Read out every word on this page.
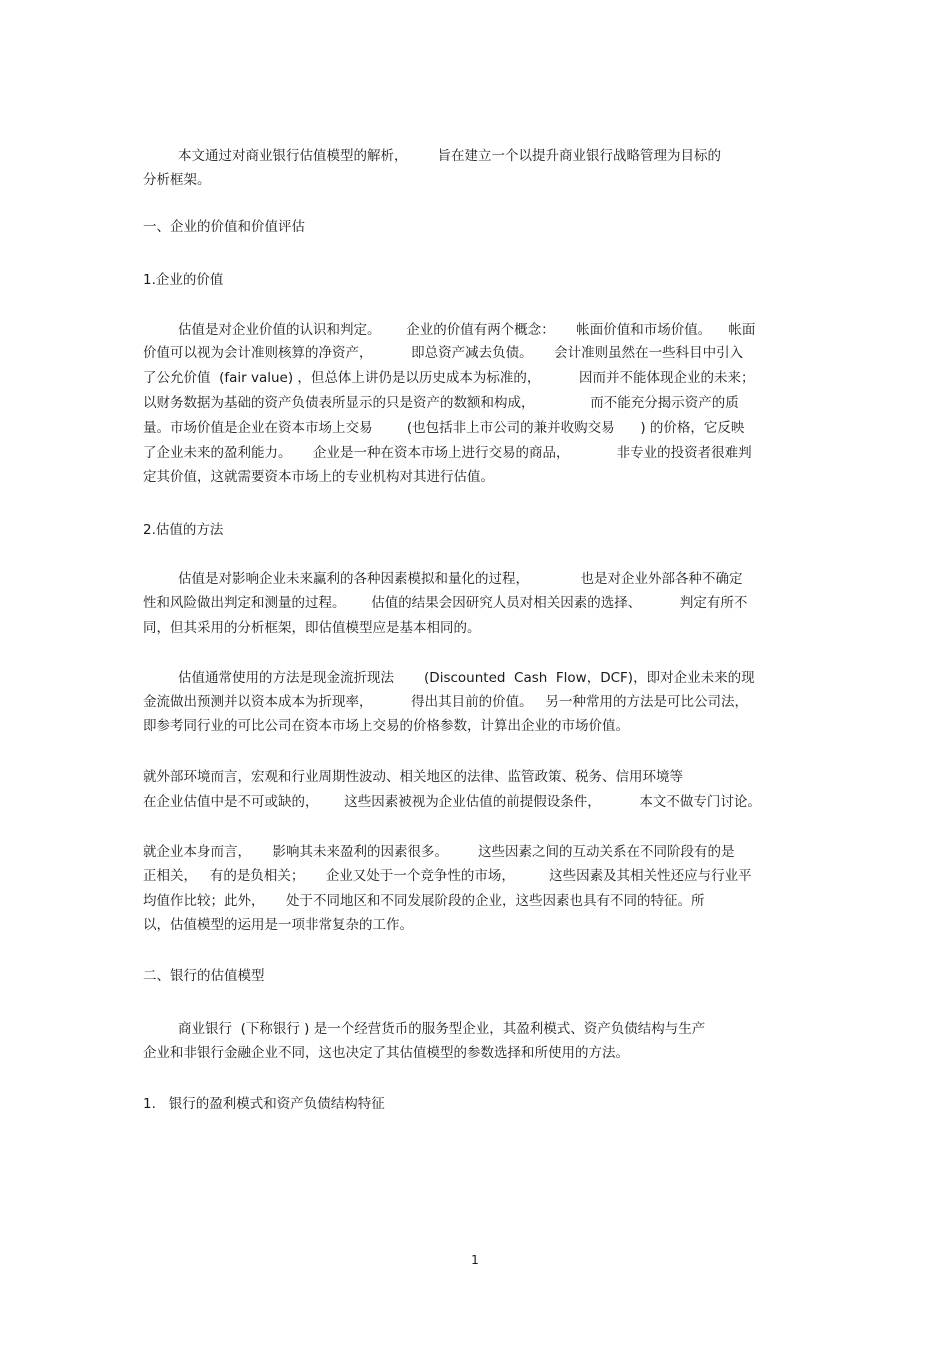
本文通过对商业银行估值模型的解析，       旨在建立一个以提升商业银行战略管理为目标的
分析框架。
一、企业的价值和价值评估
1.企业的价值
估值是对企业价值的认识和判定。      企业的价值有两个概念：     帐面价值和市场价值。    帐面
价值可以视为会计准则核算的净资产，         即总资产减去负债。     会计准则虽然在一些科目中引入
了公允价值  (fair value) ，但总体上讲仍是以历史成本为标准的，         因而并不能体现企业的未来；
以财务数据为基础的资产负债表所显示的只是资产的数额和构成，             而不能充分揭示资产的质
量。市场价值是企业在资本市场上交易        (也包括非上市公司的兼并收购交易      ) 的价格，它反映
了企业未来的盈利能力。     企业是一种在资本市场上进行交易的商品，           非专业的投资者很难判
定其价值，这就需要资本市场上的专业机构对其进行估值。
2.估值的方法
估值是对影响企业未来赢利的各种因素模拟和量化的过程，            也是对企业外部各种不确定
性和风险做出判定和测量的过程。      估值的结果会因研究人员对相关因素的选择、         判定有所不
同，但其采用的分析框架，即估值模型应是基本相同的。
估值通常使用的方法是现金流折现法       (Discounted  Cash  Flow，DCF)，即对企业未来的现
金流做出预测并以资本成本为折现率，         得出其目前的价值。   另一种常用的方法是可比公司法，
即参考同行业的可比公司在资本市场上交易的价格参数，计算出企业的市场价值。
就外部环境而言，宏观和行业周期性波动、相关地区的法律、监管政策、税务、信用环境等
在企业估值中是不可或缺的，      这些因素被视为企业估值的前提假设条件，         本文不做专门讨论。
就企业本身而言，     影响其未来盈利的因素很多。       这些因素之间的互动关系在不同阶段有的是
正相关，   有的是负相关；     企业又处于一个竞争性的市场，        这些因素及其相关性还应与行业平
均值作比较；此外，     处于不同地区和不同发展阶段的企业，这些因素也具有不同的特征。所
以，估值模型的运用是一项非常复杂的工作。
二、银行的估值模型
商业银行  (下称银行 ) 是一个经营货币的服务型企业，其盈利模式、资产负债结构与生产
企业和非银行金融企业不同，这也决定了其估值模型的参数选择和所使用的方法。
1.   银行的盈利模式和资产负债结构特征
1
